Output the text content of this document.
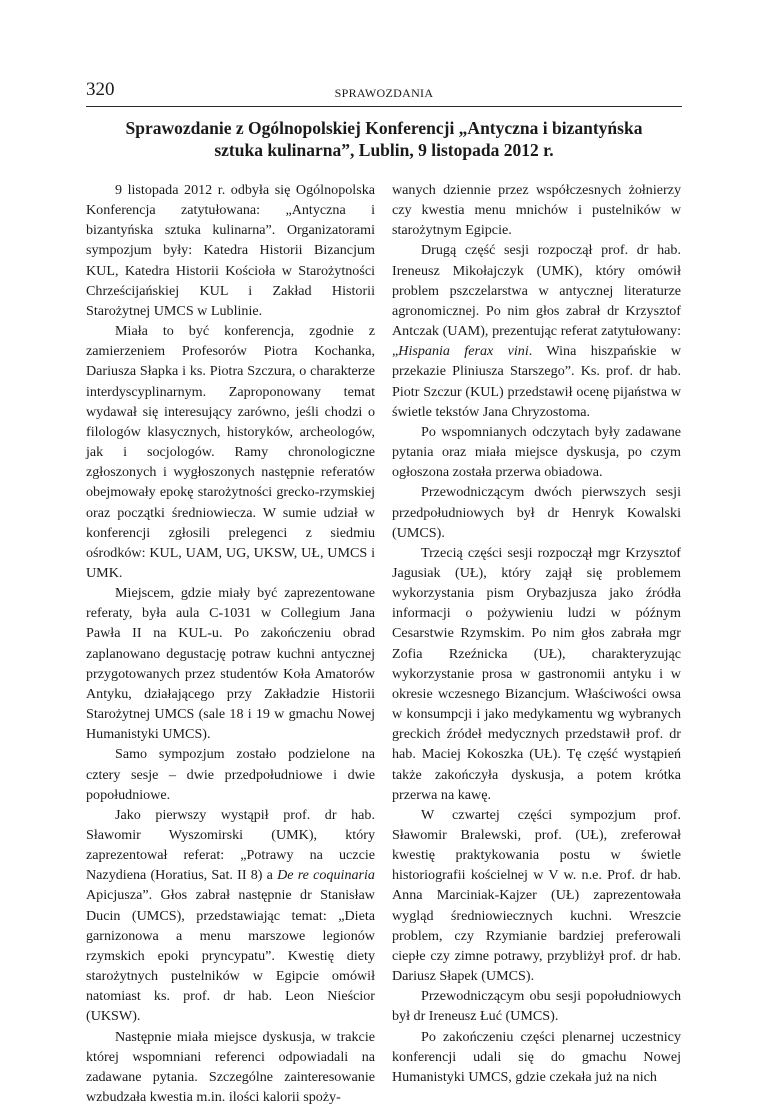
320	SPRAWOZDANIA
Sprawozdanie z Ogólnopolskiej Konferencji „Antyczna i bizantyńska sztuka kulinarna”, Lublin, 9 listopada 2012 r.

9 listopada 2012 r. odbyła się Ogólnopolska Konferencja zatytułowana: „Antyczna i bizantyńska sztuka kulinarna”. Organizatorami sympozjum były: Katedra Historii Bizancjum KUL, Katedra Historii Kościoła w Starożytności Chrześcijańskiej KUL i Zakład Historii Starożytnej UMCS w Lublinie.

Miała to być konferencja, zgodnie z zamierzeniem Profesorów Piotra Kochanka, Dariusza Słapka i ks. Piotra Szczura, o charakterze interdyscyplinarnym. Zaproponowany temat wydawał się interesujący zarówno, jeśli chodzi o filologów klasycznych, historyków, archeologów, jak i socjologów. Ramy chronologiczne zgłoszonych i wygłoszonych następnie referatów obejmowały epokę starożytności grecko-rzymskiej oraz początki średniowiecza. W sumie udział w konferencji zgłosili prelegenci z siedmiu ośrodków: KUL, UAM, UG, UKSW, UŁ, UMCS i UMK.

Miejscem, gdzie miały być zaprezentowane referaty, była aula C-1031 w Collegium Jana Pawła II na KUL-u. Po zakończeniu obrad zaplanowano degustację potraw kuchni antycznej przygotowanych przez studentów Koła Amatorów Antyku, działającego przy Zakładzie Historii Starożytnej UMCS (sale 18 i 19 w gmachu Nowej Humanistyki UMCS).

Samo sympozjum zostało podzielone na cztery sesje – dwie przedpołudniowe i dwie popołudniowe.

Jako pierwszy wystąpił prof. dr hab. Sławomir Wyszomirski (UMK), który zaprezentował referat: „Potrawy na uczcie Nazydiena (Horatius, Sat. II 8) a De re coquinaria Apicjusza”. Głos zabrał następnie dr Stanisław Ducin (UMCS), przedstawiając temat: „Dieta garnizonowa a menu marszowe legionów rzymskich epoki pryncypatu”. Kwestię diety starożytnych pustelników w Egipcie omówił natomiast ks. prof. dr hab. Leon Nieścior (UKSW).

Następnie miała miejsce dyskusja, w trakcie której wspomniani referenci odpowiadali na zadawane pytania. Szczególne zainteresowanie wzbudzała kwestia m.in. ilości kalorii spoży-

wanych dziennie przez współczesnych żołnierzy czy kwestia menu mnichów i pustelników w starożytnym Egipcie.

Drugą część sesji rozpoczął prof. dr hab. Ireneusz Mikołajczyk (UMK), który omówił problem pszczelarstwa w antycznej literaturze agronomicznej. Po nim głos zabrał dr Krzysztof Antczak (UAM), prezentując referat zatytułowany: „Hispania ferax vini. Wina hiszpańskie w przekazie Pliniusza Starszego”. Ks. prof. dr hab. Piotr Szczur (KUL) przedstawił ocenę pijaństwa w świetle tekstów Jana Chryzostoma.

Po wspomnianych odczytach były zadawane pytania oraz miała miejsce dyskusja, po czym ogłoszona została przerwa obiadowa.

Przewodniczącym dwóch pierwszych sesji przedpołudniowych był dr Henryk Kowalski (UMCS).

Trzecią części sesji rozpoczął mgr Krzysztof Jagusiak (UŁ), który zajął się problemem wykorzystania pism Orybazjusza jako źródła informacji o pożywieniu ludzi w późnym Cesarstwie Rzymskim. Po nim głos zabrała mgr Zofia Rzeźnicka (UŁ), charakteryzując wykorzystanie prosa w gastronomii antyku i w okresie wczesnego Bizancjum. Właściwości owsa w konsumpcji i jako medykamentu wg wybranych greckich źródeł medycznych przedstawił prof. dr hab. Maciej Kokoszka (UŁ). Tę część wystąpień także zakończyła dyskusja, a potem krótka przerwa na kawę.

W czwartej części sympozjum prof. Sławomir Bralewski, prof. (UŁ), zreferował kwestię praktykowania postu w świetle historiografii kościelnej w V w. n.e. Prof. dr hab. Anna Marciniak-Kajzer (UŁ) zaprezentowała wygląd średniowiecznych kuchni. Wreszcie problem, czy Rzymianie bardziej preferowali ciepłe czy zimne potrawy, przybliżył prof. dr hab. Dariusz Słapek (UMCS).

Przewodniczącym obu sesji popołudniowych był dr Ireneusz Łuć (UMCS).

Po zakończeniu części plenarnej uczestnicy konferencji udali się do gmachu Nowej Humanistyki UMCS, gdzie czekała już na nich
